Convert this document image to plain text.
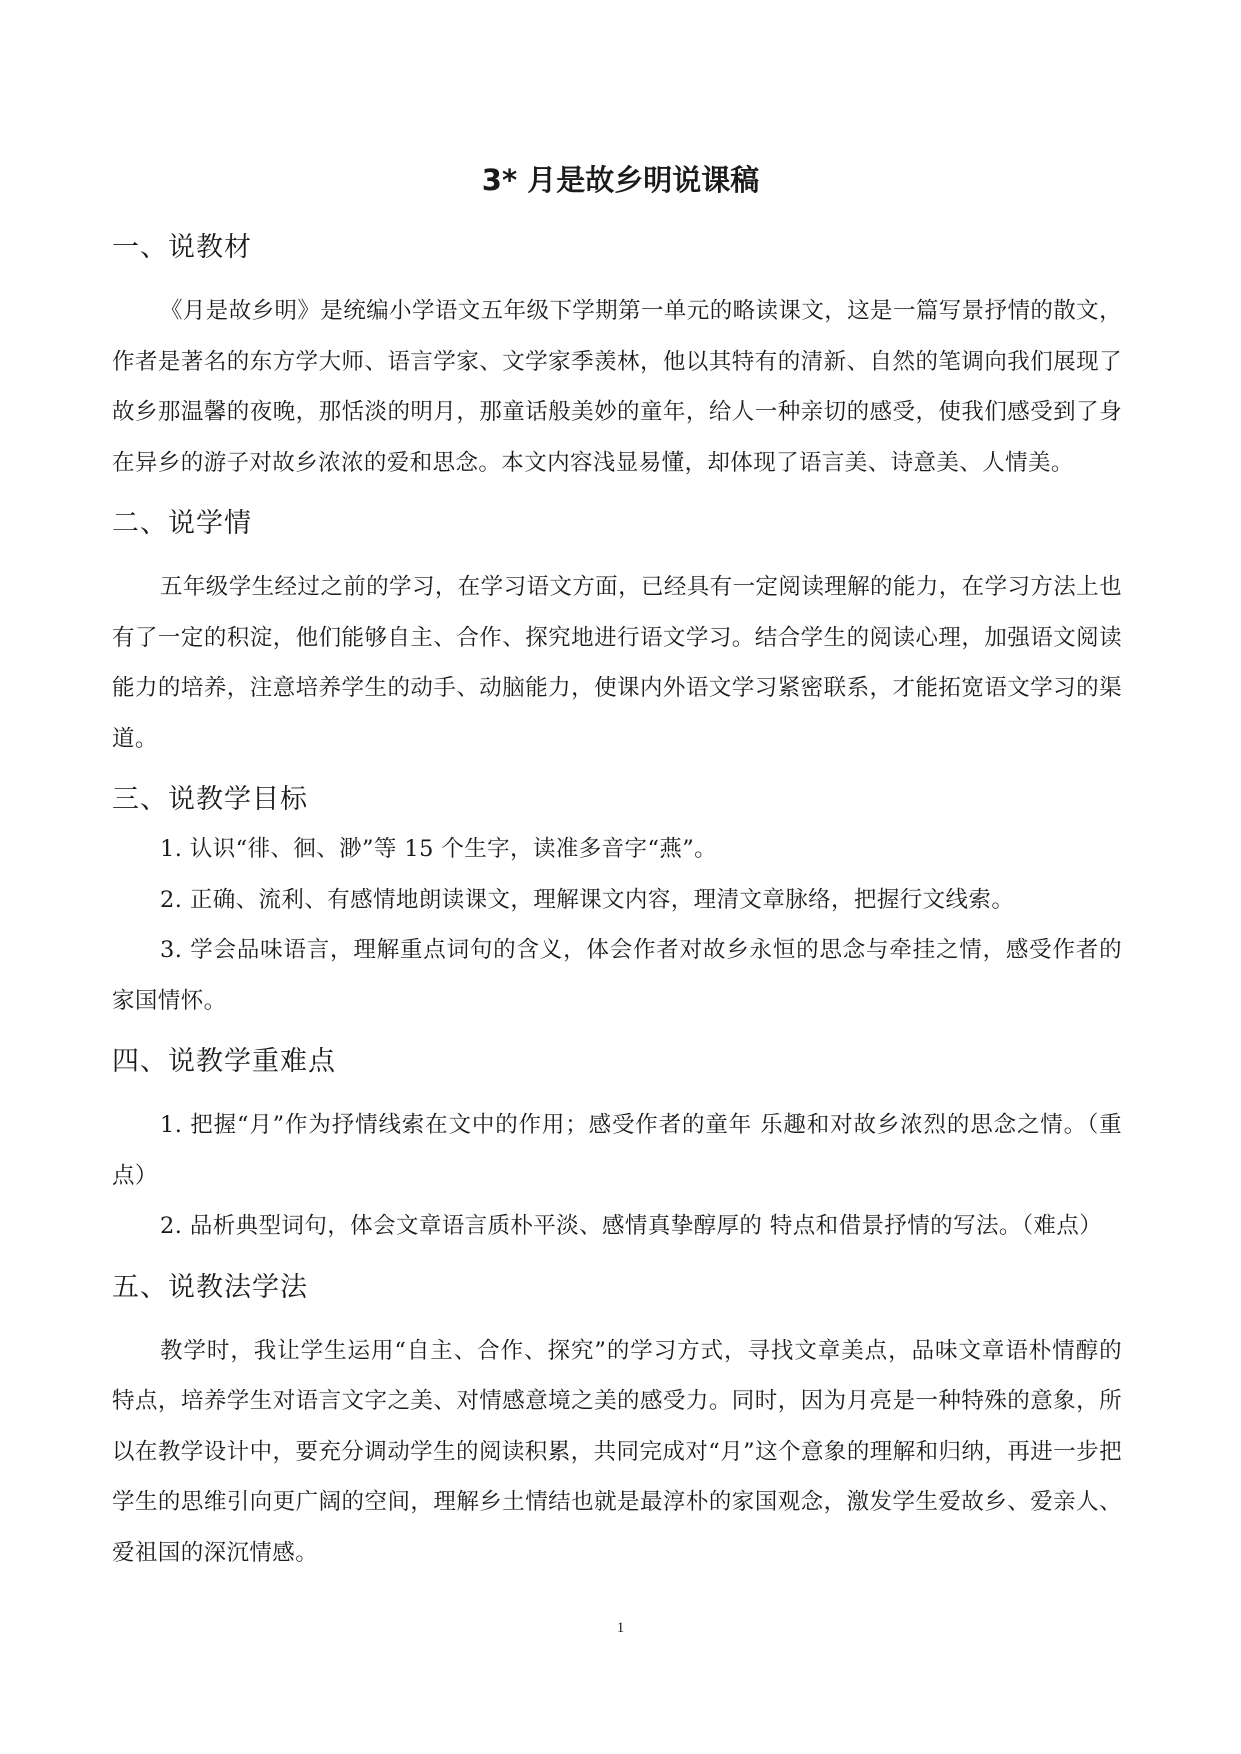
3* 月是故乡明说课稿
一、说教材

《月是故乡明》是统编小学语文五年级下学期第一单元的略读课文，这是一篇写景抒情的散文，作者是著名的东方学大师、语言学家、文学家季羡林，他以其特有的清新、自然的笔调向我们展现了故乡那温馨的夜晚，那恬淡的明月，那童话般美妙的童年，给人一种亲切的感受，使我们感受到了身在异乡的游子对故乡浓浓的爱和思念。本文内容浅显易懂，却体现了语言美、诗意美、人情美。

二、说学情

五年级学生经过之前的学习，在学习语文方面，已经具有一定阅读理解的能力，在学习方法上也有了一定的积淀，他们能够自主、合作、探究地进行语文学习。结合学生的阅读心理，加强语文阅读能力的培养，注意培养学生的动手、动脑能力，使课内外语文学习紧密联系，才能拓宽语文学习的渠道。

三、说教学目标

1. 认识“徘、徊、渺”等 15 个生字，读准多音字“燕”。

2. 正确、流利、有感情地朗读课文，理解课文内容，理清文章脉络，把握行文线索。

3. 学会品味语言，理解重点词句的含义，体会作者对故乡永恒的思念与牵挂之情，感受作者的家国情怀。

四、说教学重难点

1. 把握“月”作为抒情线索在文中的作用；感受作者的童年 乐趣和对故乡浓烈的思念之情。（重点）

2. 品析典型词句，体会文章语言质朴平淡、感情真挚醇厚的 特点和借景抒情的写法。（难点）

五、说教法学法

教学时，我让学生运用“自主、合作、探究”的学习方式，寻找文章美点，品味文章语朴情醇的特点，培养学生对语言文字之美、对情感意境之美的感受力。同时，因为月亮是一种特殊的意象，所以在教学设计中，要充分调动学生的阅读积累，共同完成对“月”这个意象的理解和归纳，再进一步把学生的思维引向更广阔的空间，理解乡土情结也就是最淳朴的家国观念，激发学生爱故乡、爱亲人、爱祖国的深沉情感。

1
